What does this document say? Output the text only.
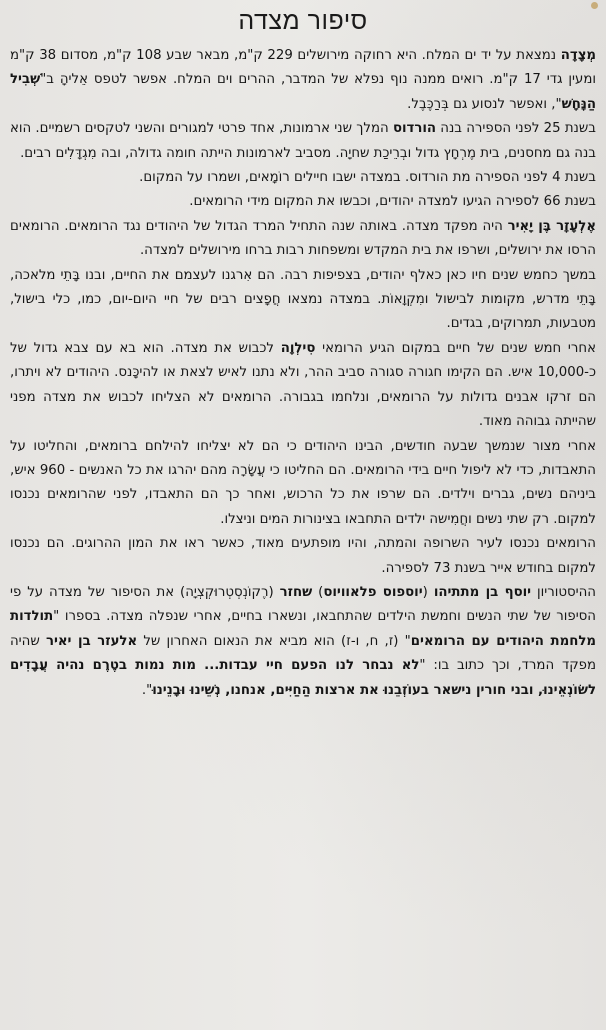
סיפור מצדה

מְצָדָה נמצאת על יד ים המלח. היא רחוקה מירושלים 229 ק"מ, מבאר שבע 108 ק"מ, מסדום 38 ק"מ ומעין גדי 17 ק"מ. רואים ממנה נוף נפלא של המדבר, ההרים וים המלח. אפשר לטפס אֵליהָ ב"שְׁבִיל הַנָּחָשׁ", ואפשר לנסוע גם בְּרַכֶּבֶל.

בשנת 25 לפני הספירה בנה הורדוס המלך שני ארמונות, אחד פרטי למגורים והשני לטקסים רשמיים. הוא בנה גם מחסנים, בית מֶרְחָץ גדול ובְרֵיכַת שחיָה. מסביב לארמונות הייתה חומה גדולה, ובה מִגְדָּלִים רבים.

בשנת 4 לפני הספירה מת הורדוס. במצדה ישבו חיילים רוֹמָאים, ושמרו על המקום.

בשנת 66 לספירה הגיעו למצדה יהודים, וכבשו את המקום מידי הרומאים.

אֶלְעָזָר בֶּן יָאִיר היה מפקד מצדה. באותה שנה התחיל המרד הגדול של היהודים נגד הרומאים. הרומאים הרסו את ירושלים, ושרפו את בית המקדש ומשפחות רבות ברחו מירושלים למצדה.

במשך כחמש שנים חיו כאן כאלף יהודים, בצפיפות רבה. הם אִרגנו לעצמם את החיים, ובנו בָּתֵי מלאכה, בָּתֵי מדרש, מקומות לבישול ומִקְוָאוֹת. במצדה נמצאו חֲפָצים רבים של חיי היום-יום, כמו, כלי בישול, מטבעות, תמרוקים, בגדים.

אחרי חמש שנים של חיים במקום הגיע הרומאי סִילְוָה לכבוש את מצדה. הוא בא עם צבא גדול של כ-10,000 איש. הם הקימו חגורה סגורה סביב ההר, ולא נתנו לאיש לצאת או להיכָּנס. היהודים לא ויתרו, הם זרקו אבנים גדולות על הרומאים, ונלחמו בגבורה. הרומאים לא הצליחו לכבוש את מצדה מפני שהייתה גבוהה מאוד.

אחרי מצור שנמשך שבעה חודשים, הבינו היהודים כי הם לא יצליחו להילחם ברומאים, והחליטו על התאבדות, כדי לא ליפול חיים בידי הרומאים. הם החליטו כי עֲשָׂרָה מהם יהרגו את כל האנשים - 960 איש, ביניהם נשים, גברים וילדים. הם שרפו את כל הרכוש, ואחר כך הם התאבדו, לפני שהרומאים נכנסו למקום. רק שתי נשים וחֲמִישה ילדים התחבאו בצינורות המים וניצלו.

הרומאים נכנסו לעיר השרופה והמתה, והיו מופתעים מאוד, כאשר ראו את המון ההרוגים. הם נכנסו למקום בחודש אייר בשנת 73 לספירה.

ההיסטוריון יוסף בן מתתיהו (יוספוס פלאוויוס) שחזר (רֶקוֹנְסְטְרוּקְצְיָה) את הסיפור של מצדה על פי הסיפור של שתי הנשים וחמשת הילדים שהתחבאו, ונשארו בחיים, אחרי שנפלה מצדה. בספרו "תולדות מלחמת היהודים עם הרומאים" (ז, ח, ו-ז) הוא מביא את הנאום האחרון של אלעזר בן יאיר שהיה מפקד המרד, וכך כתוב בו: "לא נבחר לנו הפעם חיי עבדות... מות נמות בטֶרֶם נהיה עֲבָדִים לשׂוֹנְאֵינוּ, ובני חורין נישאר בעוֹזְבֵנוּ את ארצות הַחַיִּים, אנחנו, נְשֵׁינוּ וּבָנֵינוּ".
